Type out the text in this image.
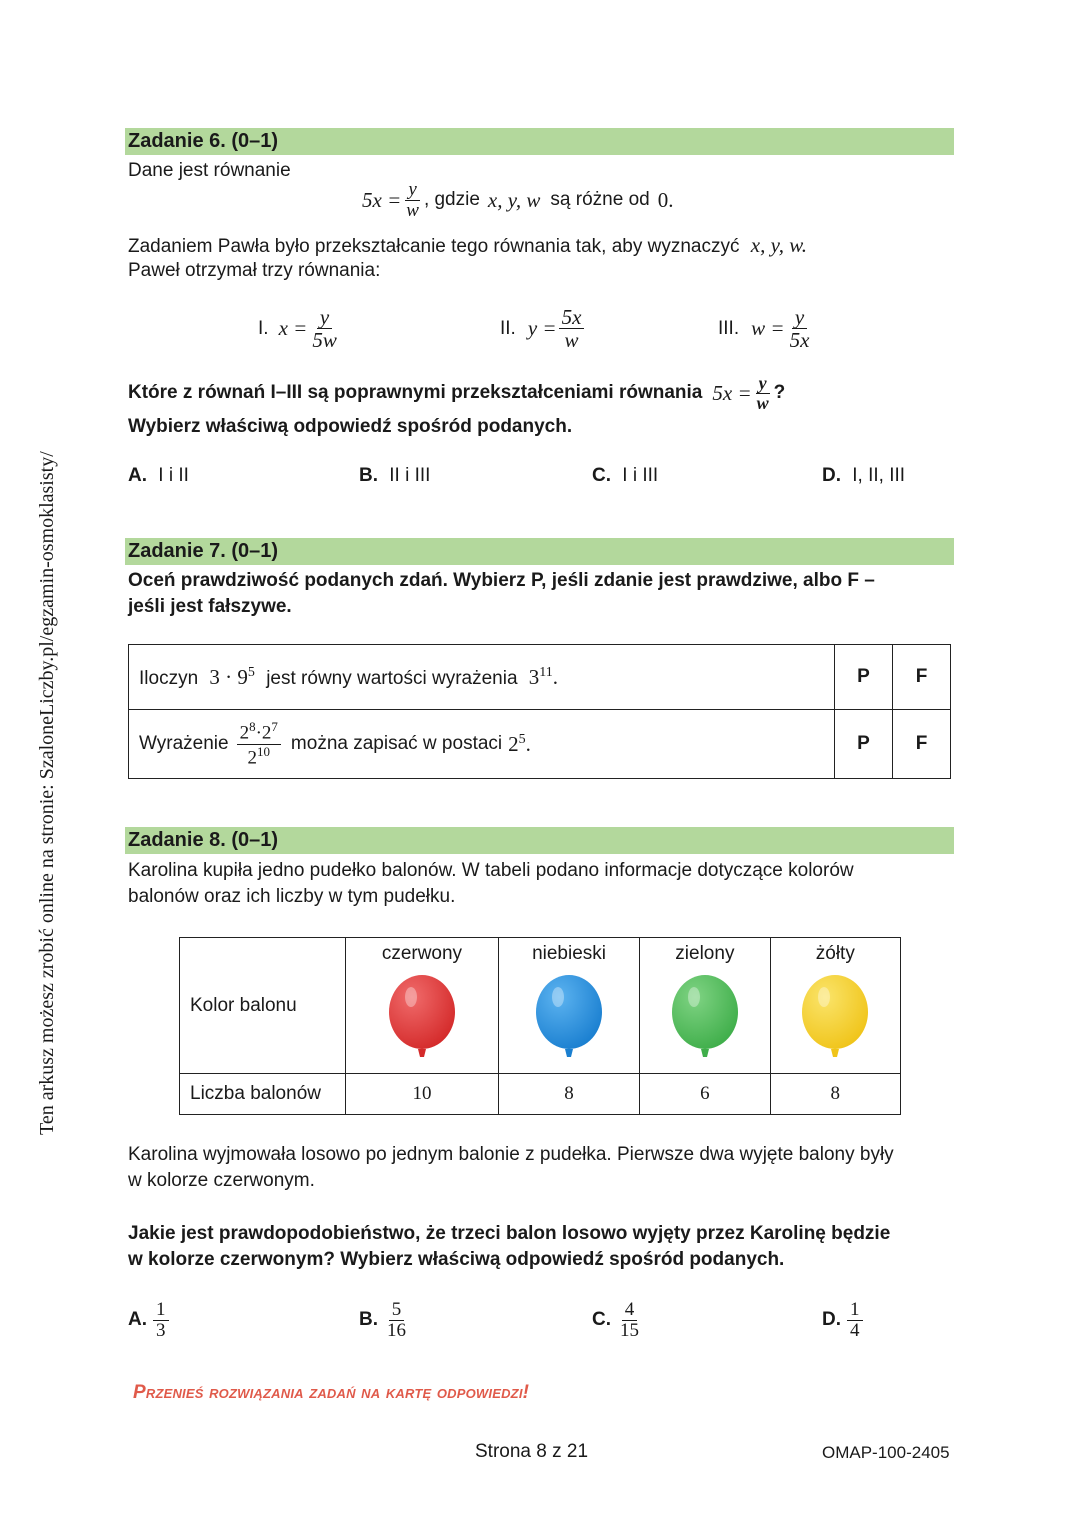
Ten arkusz możesz zrobić online na stronie: SzaloneLiczby.pl/egzamin-osmoklasisty/
Zadanie 6. (0–1)
Dane jest równanie
$5x = \frac{y}{w}$ , gdzie x, y, w są różne od 0.
Zadaniem Pawła było przekształcanie tego równania tak, aby wyznaczyć x, y, w.
Paweł otrzymał trzy równania:
I. $x = \frac{y}{5w}$	II. $y = \frac{5x}{w}$	III. $w = \frac{y}{5x}$
Które z równań I–III są poprawnymi przekształceniami równania $5x = \frac{y}{w}$ ?
Wybierz właściwą odpowiedź spośród podanych.
A. I i II	B. II i III	C. I i III	D. I, II, III
Zadanie 7. (0–1)
Oceń prawdziwość podanych zdań. Wybierz P, jeśli zdanie jest prawdziwe, albo F –
jeśli jest fałszywe.
Iloczyn $3 \cdot 9^5$ jest równy wartości wyrażenia $3^{11}$.	P	F

Wyrażenie $\frac{2^8\cdot 2^7}{2^{10}}$ można zapisać w postaci $2^5$.	P	F
Zadanie 8. (0–1)
Karolina kupiła jedno pudełko balonów. W tabeli podano informacje dotyczące kolorów
balonów oraz ich liczby w tym pudełku.
Kolor balonu	czerwony	niebieski	zielony	żółty

Liczba balonów	10	8	6	8
Karolina wyjmowała losowo po jednym balonie z pudełka. Pierwsze dwa wyjęte balony były
w kolorze czerwonym.
Jakie jest prawdopodobieństwo, że trzeci balon losowo wyjęty przez Karolinę będzie
w kolorze czerwonym? Wybierz właściwą odpowiedź spośród podanych.
A. $\frac{1}{3}$	B. $\frac{5}{16}$	C. $\frac{4}{15}$	D. $\frac{1}{4}$
Przenieś rozwiązania zadań na kartę odpowiedzi!
Strona 8 z 21	OMAP-100-2405
